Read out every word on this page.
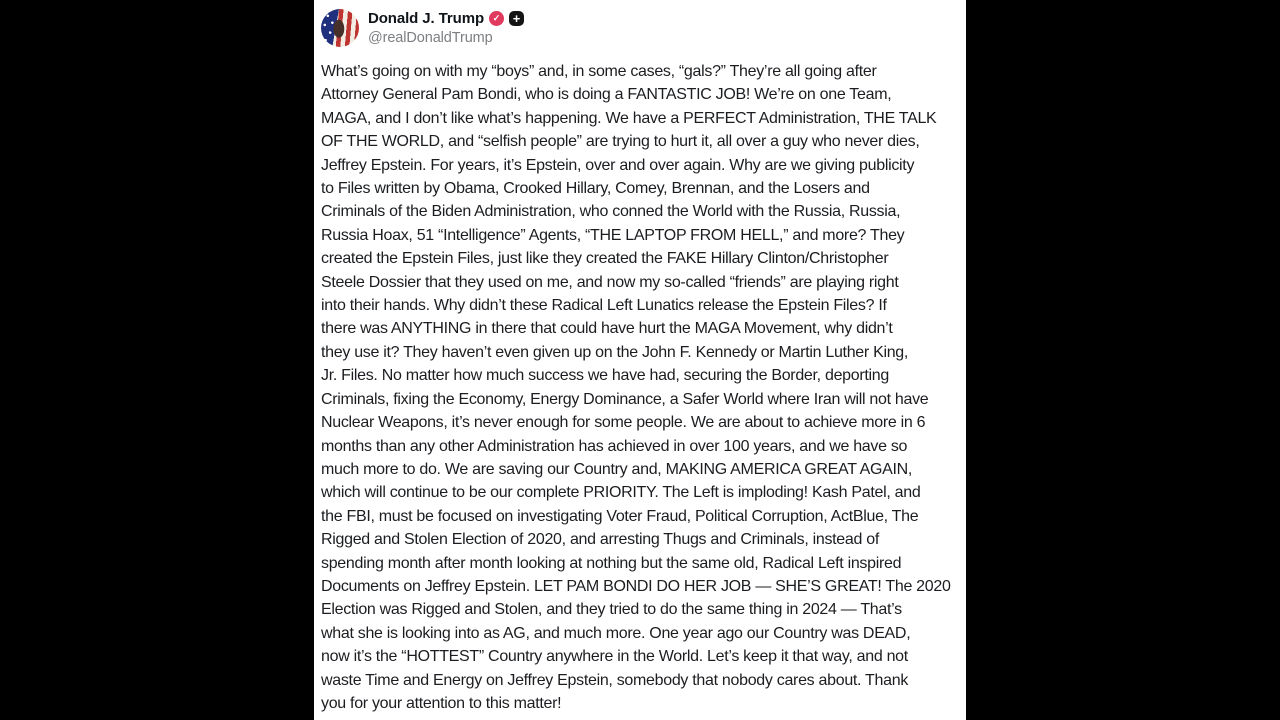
Donald J. Trump ✓ +
@realDonaldTrump
What’s going on with my “boys” and, in some cases, “gals?” They’re all going after
Attorney General Pam Bondi, who is doing a FANTASTIC JOB! We’re on one Team,
MAGA, and I don’t like what’s happening. We have a PERFECT Administration, THE TALK
OF THE WORLD, and “selfish people” are trying to hurt it, all over a guy who never dies,
Jeffrey Epstein. For years, it’s Epstein, over and over again. Why are we giving publicity
to Files written by Obama, Crooked Hillary, Comey, Brennan, and the Losers and
Criminals of the Biden Administration, who conned the World with the Russia, Russia,
Russia Hoax, 51 “Intelligence” Agents, “THE LAPTOP FROM HELL,” and more? They
created the Epstein Files, just like they created the FAKE Hillary Clinton/Christopher
Steele Dossier that they used on me, and now my so-called “friends” are playing right
into their hands. Why didn’t these Radical Left Lunatics release the Epstein Files? If
there was ANYTHING in there that could have hurt the MAGA Movement, why didn’t
they use it? They haven’t even given up on the John F. Kennedy or Martin Luther King,
Jr. Files. No matter how much success we have had, securing the Border, deporting
Criminals, fixing the Economy, Energy Dominance, a Safer World where Iran will not have
Nuclear Weapons, it’s never enough for some people. We are about to achieve more in 6
months than any other Administration has achieved in over 100 years, and we have so
much more to do. We are saving our Country and, MAKING AMERICA GREAT AGAIN,
which will continue to be our complete PRIORITY. The Left is imploding! Kash Patel, and
the FBI, must be focused on investigating Voter Fraud, Political Corruption, ActBlue, The
Rigged and Stolen Election of 2020, and arresting Thugs and Criminals, instead of
spending month after month looking at nothing but the same old, Radical Left inspired
Documents on Jeffrey Epstein. LET PAM BONDI DO HER JOB — SHE’S GREAT! The 2020
Election was Rigged and Stolen, and they tried to do the same thing in 2024 — That’s
what she is looking into as AG, and much more. One year ago our Country was DEAD,
now it’s the “HOTTEST” Country anywhere in the World. Let’s keep it that way, and not
waste Time and Energy on Jeffrey Epstein, somebody that nobody cares about. Thank
you for your attention to this matter!
